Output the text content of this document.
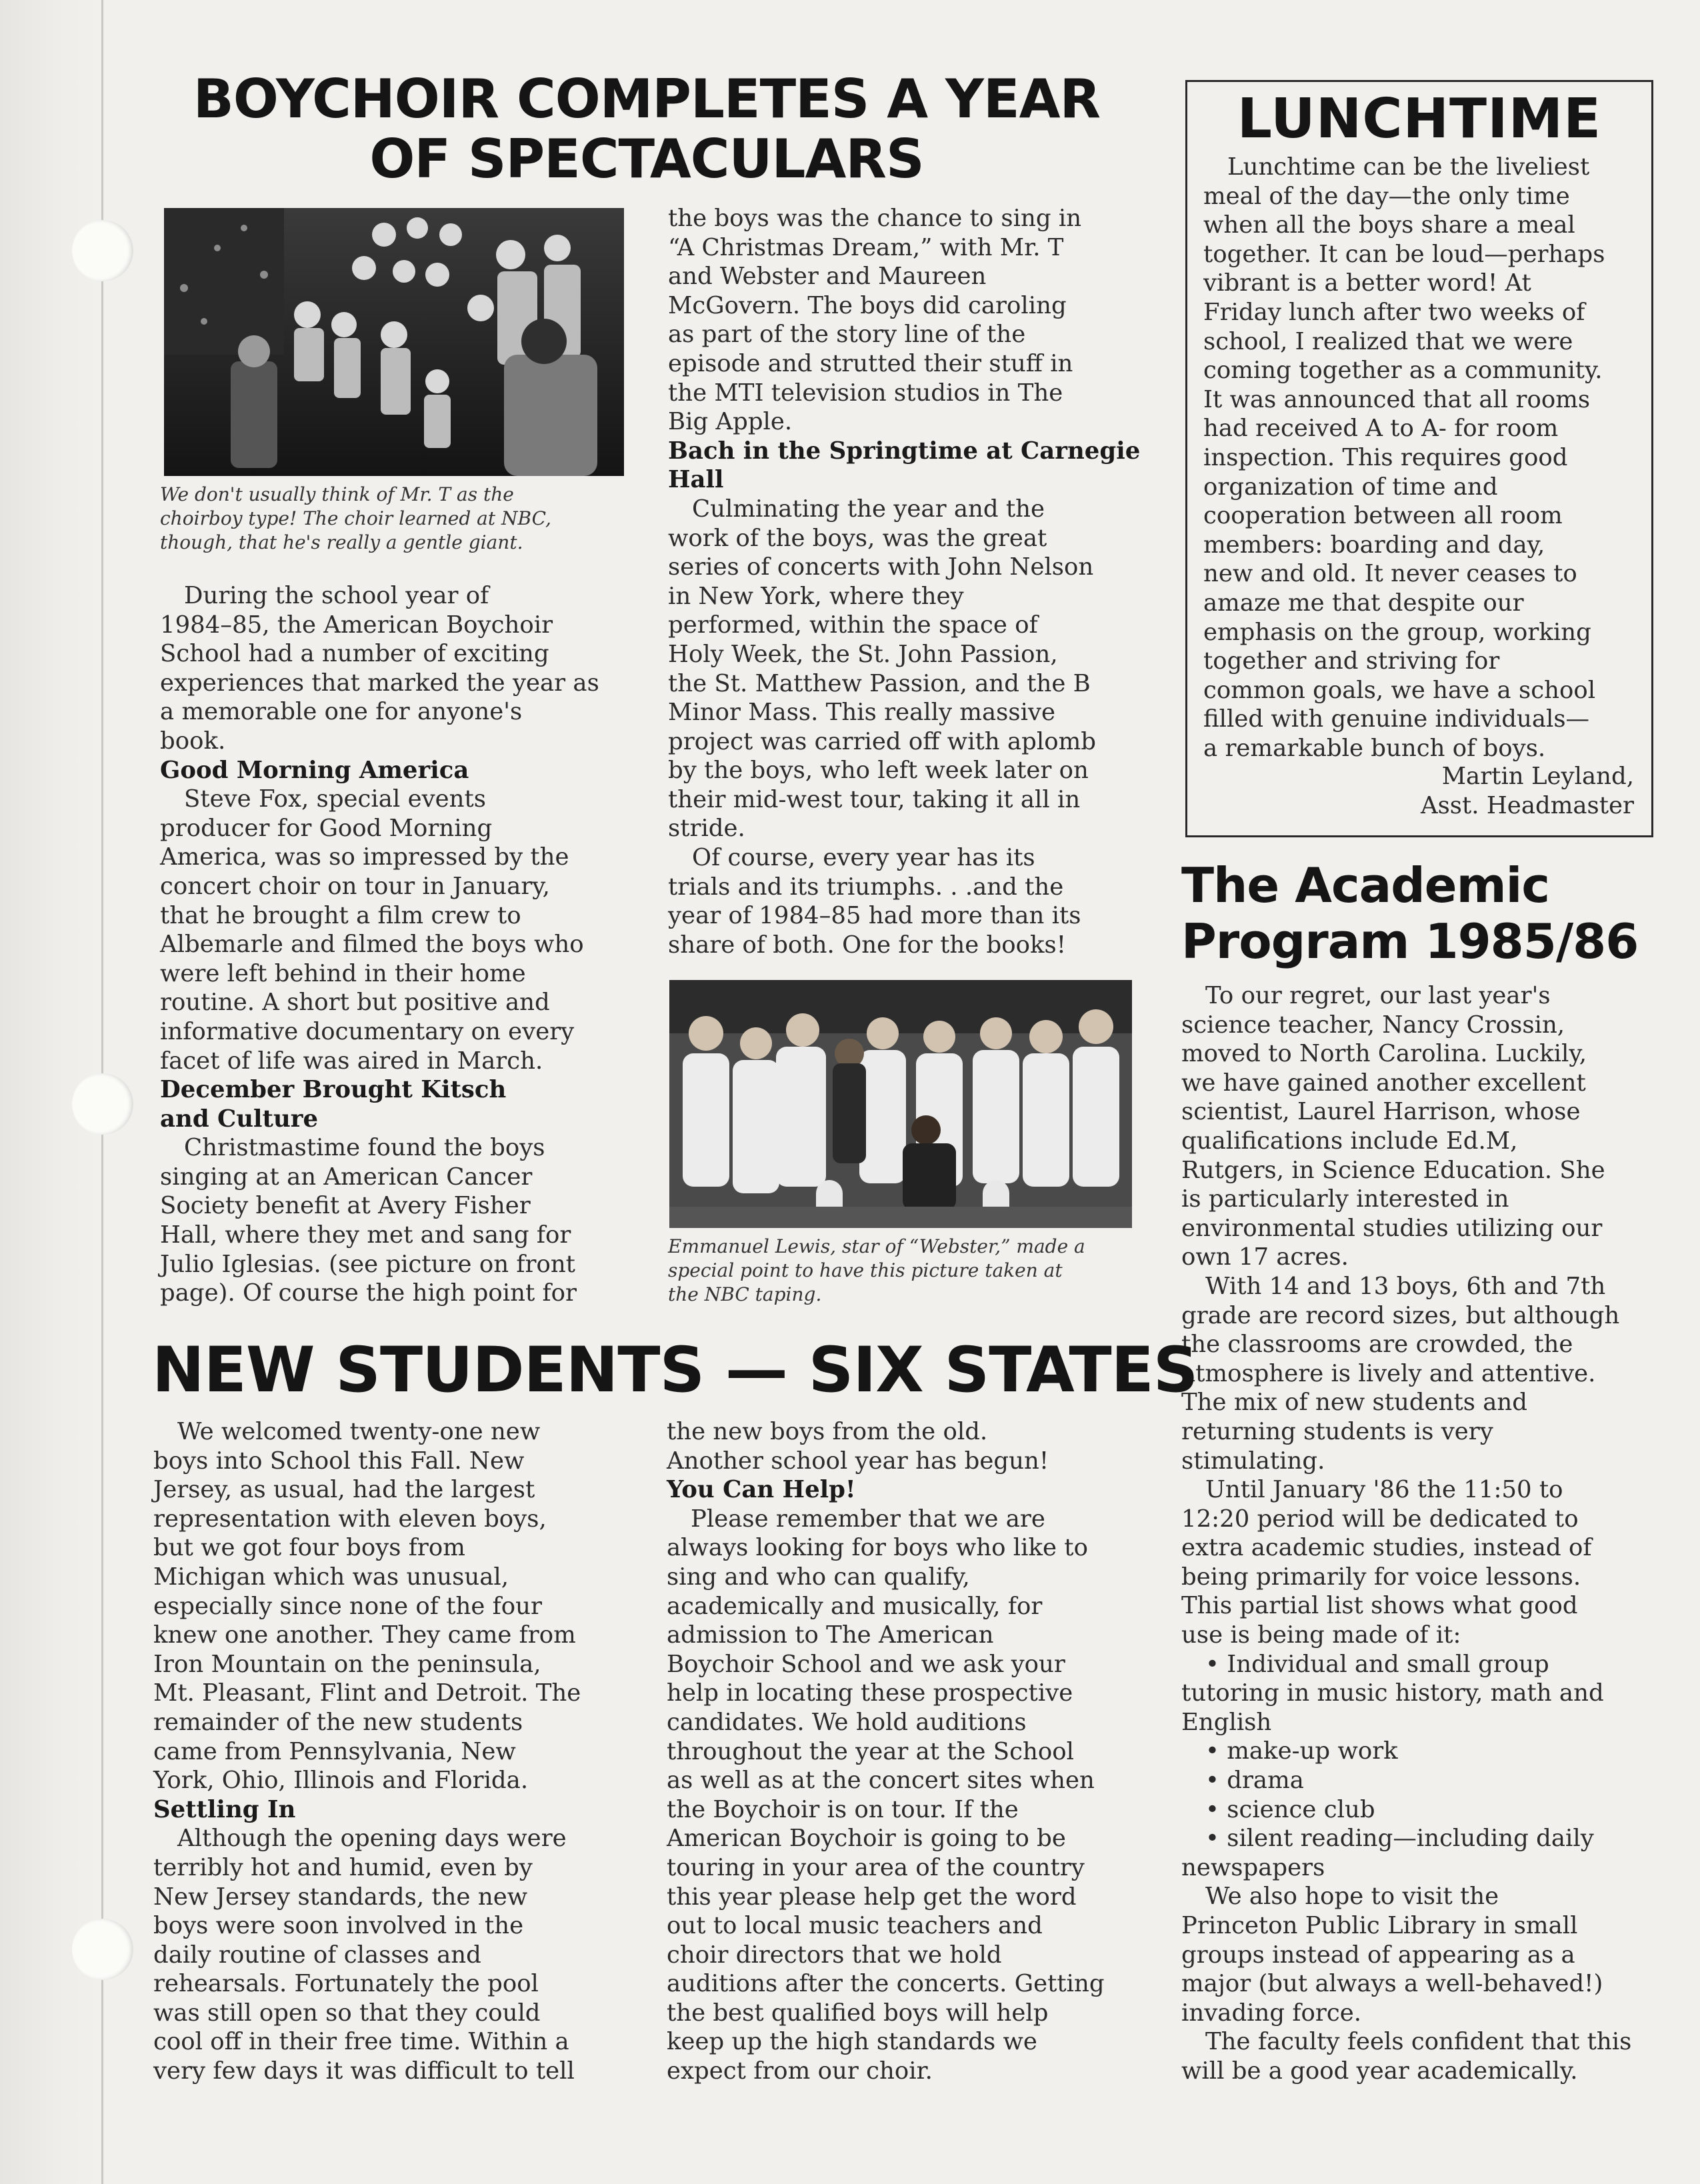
BOYCHOIR COMPLETES A YEAR
OF SPECTACULARS
We don't usually think of Mr. T as the
choirboy type! The choir learned at NBC,
though, that he's really a gentle giant.

During the school year of

1984–85, the American Boychoir

School had a number of exciting

experiences that marked the year as

a memorable one for anyone's

book.

Good Morning America

Steve Fox, special events

producer for Good Morning

America, was so impressed by the

concert choir on tour in January,

that he brought a film crew to

Albemarle and filmed the boys who

were left behind in their home

routine. A short but positive and

informative documentary on every

facet of life was aired in March.

December Brought Kitsch

and Culture

Christmastime found the boys

singing at an American Cancer

Society benefit at Avery Fisher

Hall, where they met and sang for

Julio Iglesias. (see picture on front

page). Of course the high point for

the boys was the chance to sing in

“A Christmas Dream,” with Mr. T

and Webster and Maureen

McGovern. The boys did caroling

as part of the story line of the

episode and strutted their stuff in

the MTI television studios in The

Big Apple.

Bach in the Springtime at Carnegie

Hall

Culminating the year and the

work of the boys, was the great

series of concerts with John Nelson

in New York, where they

performed, within the space of

Holy Week, the St. John Passion,

the St. Matthew Passion, and the B

Minor Mass. This really massive

project was carried off with aplomb

by the boys, who left week later on

their mid-west tour, taking it all in

stride.

Of course, every year has its

trials and its triumphs. . .and the

year of 1984–85 had more than its

share of both. One for the books!

Emmanuel Lewis, star of “Webster,” made a
special point to have this picture taken at
the NBC taping.
LUNCHTIME

Lunchtime can be the liveliest

meal of the day—the only time

when all the boys share a meal

together. It can be loud—perhaps

vibrant is a better word! At

Friday lunch after two weeks of

school, I realized that we were

coming together as a community.

It was announced that all rooms

had received A to A- for room

inspection. This requires good

organization of time and

cooperation between all room

members: boarding and day,

new and old. It never ceases to

amaze me that despite our

emphasis on the group, working

together and striving for

common goals, we have a school

filled with genuine individuals—

a remarkable bunch of boys.

Martin Leyland,

Asst. Headmaster

The Academic
Program 1985/86

To our regret, our last year's

science teacher, Nancy Crossin,

moved to North Carolina. Luckily,

we have gained another excellent

scientist, Laurel Harrison, whose

qualifications include Ed.M,

Rutgers, in Science Education. She

is particularly interested in

environmental studies utilizing our

own 17 acres.

With 14 and 13 boys, 6th and 7th

grade are record sizes, but although

the classrooms are crowded, the

atmosphere is lively and attentive.

The mix of new students and

returning students is very

stimulating.

Until January '86 the 11:50 to

12:20 period will be dedicated to

extra academic studies, instead of

being primarily for voice lessons.

This partial list shows what good

use is being made of it:

• Individual and small group

tutoring in music history, math and

English

• make-up work

• drama

• science club

• silent reading—including daily

newspapers

We also hope to visit the

Princeton Public Library in small

groups instead of appearing as a

major (but always a well-behaved!)

invading force.

The faculty feels confident that this

will be a good year academically.

NEW STUDENTS — SIX STATES

We welcomed twenty-one new

boys into School this Fall. New

Jersey, as usual, had the largest

representation with eleven boys,

but we got four boys from

Michigan which was unusual,

especially since none of the four

knew one another. They came from

Iron Mountain on the peninsula,

Mt. Pleasant, Flint and Detroit. The

remainder of the new students

came from Pennsylvania, New

York, Ohio, Illinois and Florida.

Settling In

Although the opening days were

terribly hot and humid, even by

New Jersey standards, the new

boys were soon involved in the

daily routine of classes and

rehearsals. Fortunately the pool

was still open so that they could

cool off in their free time. Within a

very few days it was difficult to tell

the new boys from the old.

Another school year has begun!

You Can Help!

Please remember that we are

always looking for boys who like to

sing and who can qualify,

academically and musically, for

admission to The American

Boychoir School and we ask your

help in locating these prospective

candidates. We hold auditions

throughout the year at the School

as well as at the concert sites when

the Boychoir is on tour. If the

American Boychoir is going to be

touring in your area of the country

this year please help get the word

out to local music teachers and

choir directors that we hold

auditions after the concerts. Getting

the best qualified boys will help

keep up the high standards we

expect from our choir.
